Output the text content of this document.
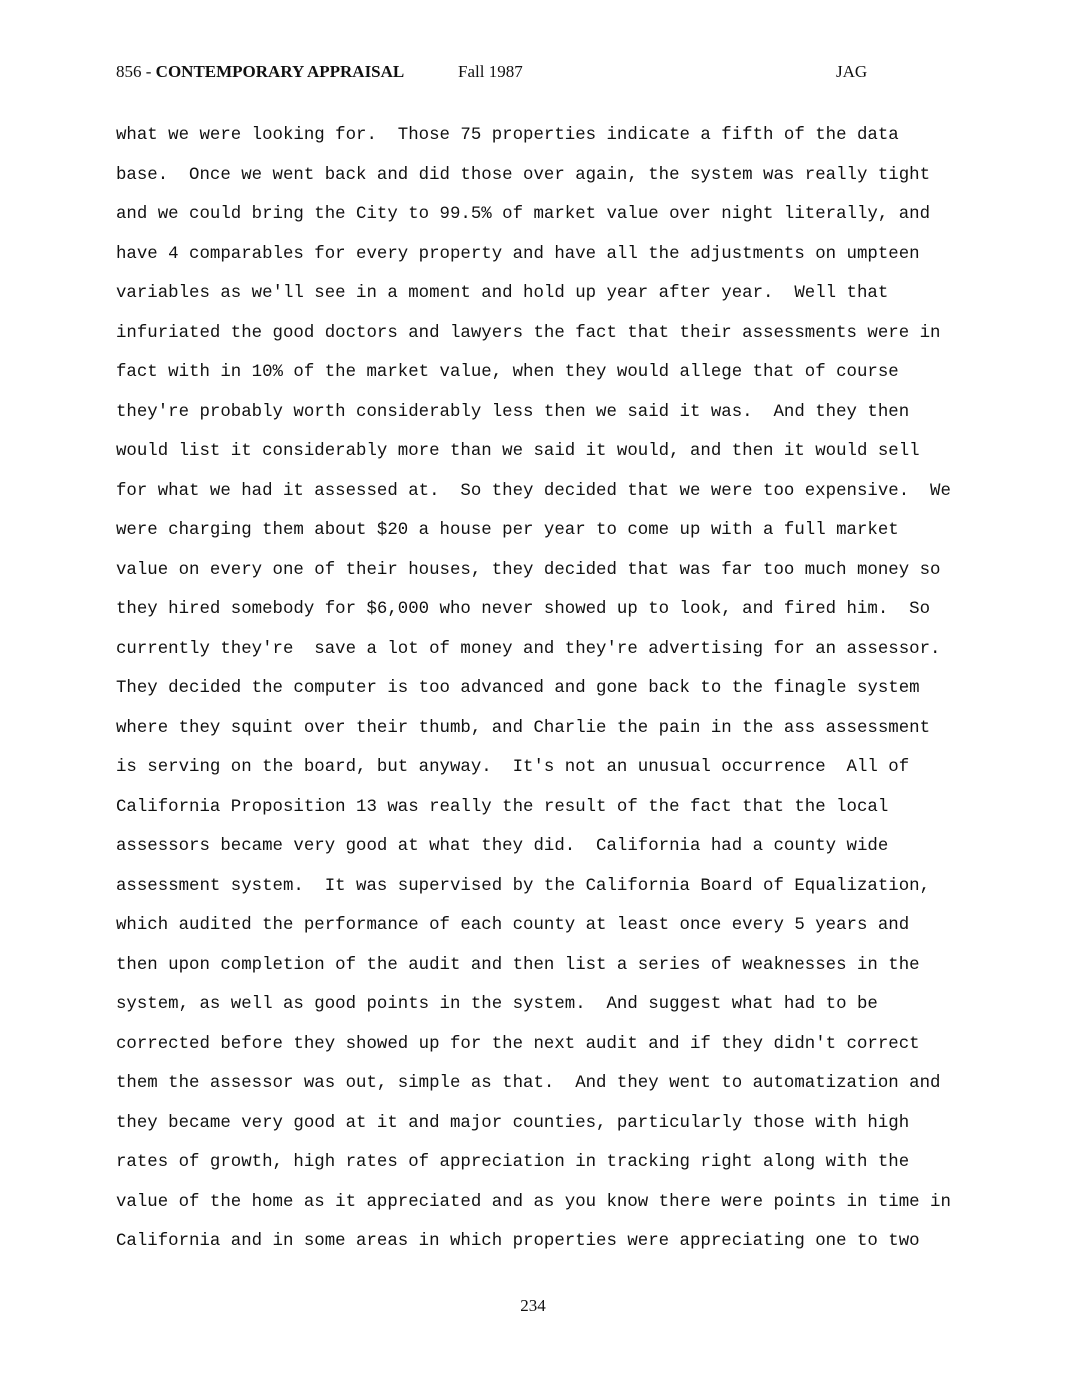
856 - CONTEMPORARY APPRAISAL	Fall 1987	JAG
what we were looking for.  Those 75 properties indicate a fifth of the data
base.  Once we went back and did those over again, the system was really tight
and we could bring the City to 99.5% of market value over night literally, and
have 4 comparables for every property and have all the adjustments on umpteen
variables as we'll see in a moment and hold up year after year.  Well that
infuriated the good doctors and lawyers the fact that their assessments were in
fact with in 10% of the market value, when they would allege that of course
they're probably worth considerably less then we said it was.  And they then
would list it considerably more than we said it would, and then it would sell
for what we had it assessed at.  So they decided that we were too expensive.  We
were charging them about $20 a house per year to come up with a full market
value on every one of their houses, they decided that was far too much money so
they hired somebody for $6,000 who never showed up to look, and fired him.  So
currently they're  save a lot of money and they're advertising for an assessor.
They decided the computer is too advanced and gone back to the finagle system
where they squint over their thumb, and Charlie the pain in the ass assessment
is serving on the board, but anyway.  It's not an unusual occurrence  All of
California Proposition 13 was really the result of the fact that the local
assessors became very good at what they did.  California had a county wide
assessment system.  It was supervised by the California Board of Equalization,
which audited the performance of each county at least once every 5 years and
then upon completion of the audit and then list a series of weaknesses in the
system, as well as good points in the system.  And suggest what had to be
corrected before they showed up for the next audit and if they didn't correct
them the assessor was out, simple as that.  And they went to automatization and
they became very good at it and major counties, particularly those with high
rates of growth, high rates of appreciation in tracking right along with the
value of the home as it appreciated and as you know there were points in time in
California and in some areas in which properties were appreciating one to two
234
